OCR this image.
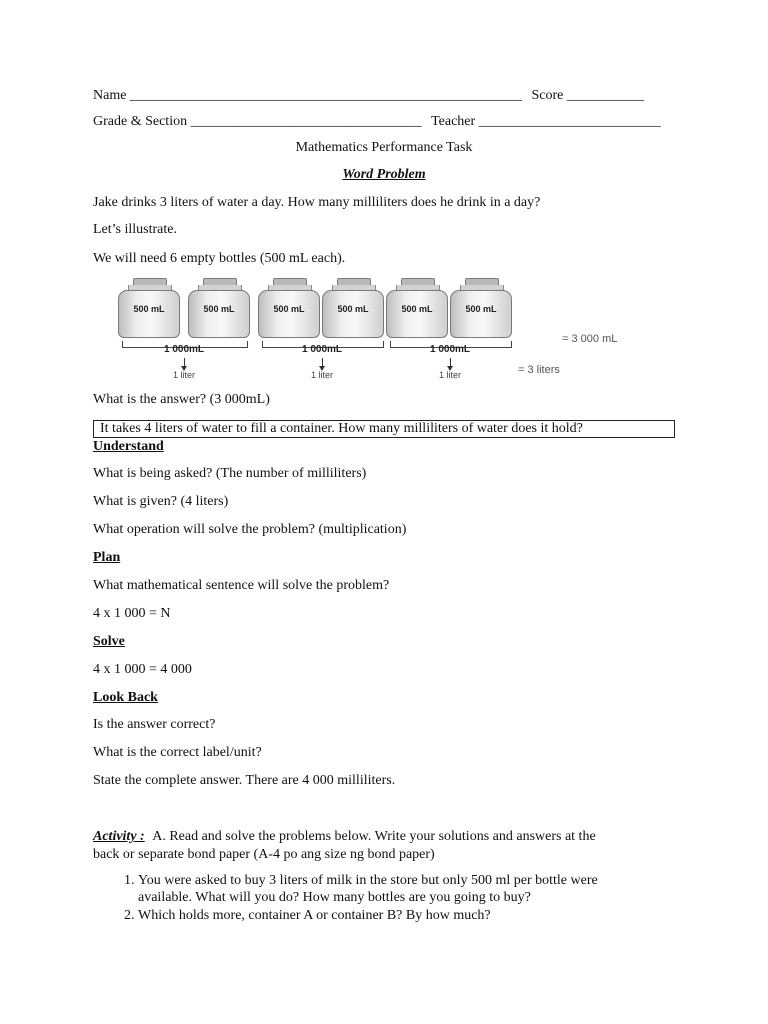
Name ________________________________________________________ Score ___________
Grade & Section _________________________________ Teacher __________________________
Mathematics Performance Task
Word Problem
Jake drinks 3 liters of water a day. How many milliliters does he drink in a day?
Let’s illustrate.
We will need 6 empty bottles (500 mL each).
500 mL	500 mL	500 mL	500 mL	500 mL	500 mL
1 000mL	1 000mL	1 000mL
1 liter	1 liter	1 liter
= 3 000 mL
= 3 liters
What is the answer? (3 000mL)
It takes 4 liters of water to fill a container. How many milliliters of water does it hold?
Understand
What is being asked? (The number of milliliters)
What is given? (4 liters)
What operation will solve the problem? (multiplication)
Plan
What mathematical sentence will solve the problem?
4 x 1 000 = N
Solve
4 x 1 000 = 4 000
Look Back
Is the answer correct?
What is the correct label/unit?
State the complete answer. There are 4 000 milliliters.
Activity : A. Read and solve the problems below. Write your solutions and answers at the
back or separate bond paper (A-4 po ang size ng bond paper)
1. You were asked to buy 3 liters of milk in the store but only 500 ml per bottle were
available. What will you do? How many bottles are you going to buy?
2. Which holds more, container A or container B? By how much?
